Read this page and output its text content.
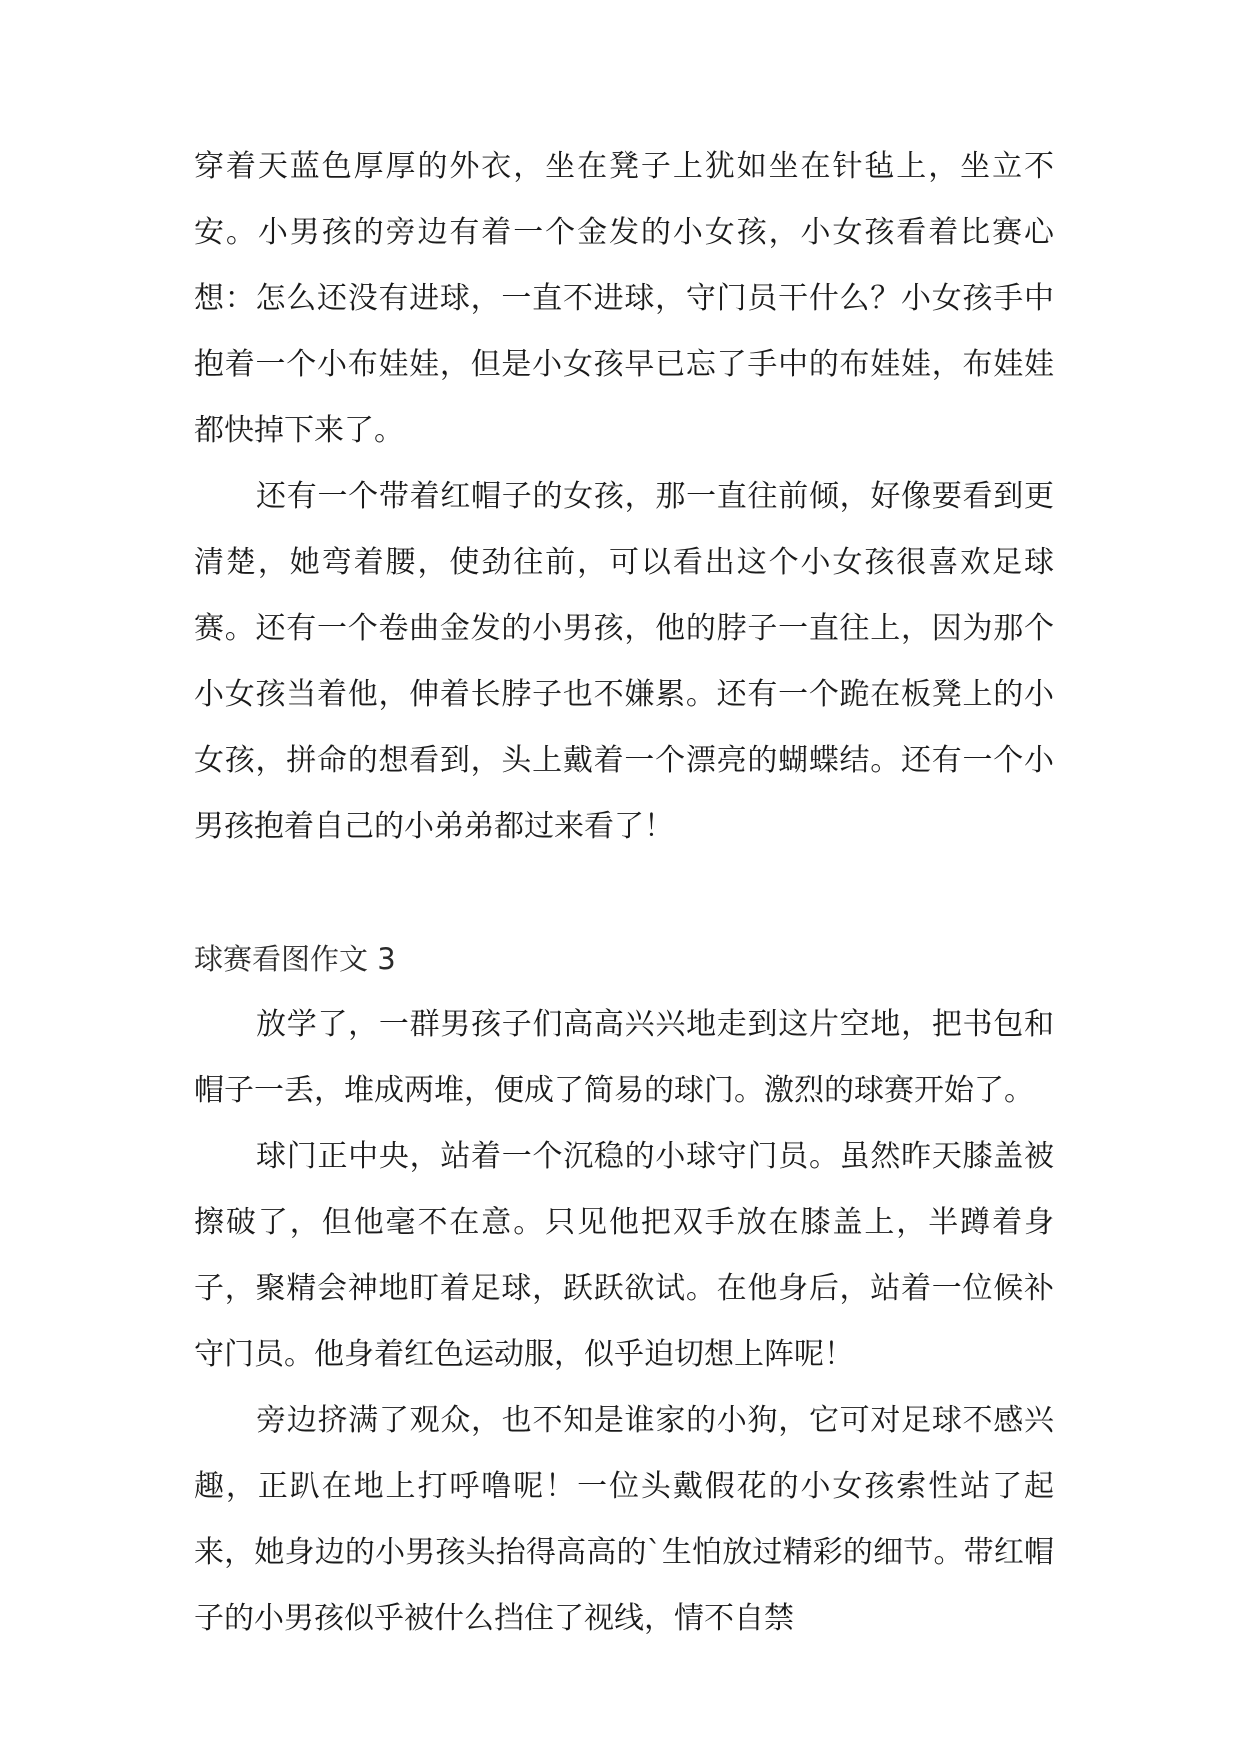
穿着天蓝色厚厚的外衣，坐在凳子上犹如坐在针毡上，坐立不安。小男孩的旁边有着一个金发的小女孩，小女孩看着比赛心想：怎么还没有进球，一直不进球，守门员干什么？小女孩手中抱着一个小布娃娃，但是小女孩早已忘了手中的布娃娃，布娃娃都快掉下来了。

还有一个带着红帽子的女孩，那一直往前倾，好像要看到更清楚，她弯着腰，使劲往前，可以看出这个小女孩很喜欢足球赛。还有一个卷曲金发的小男孩，他的脖子一直往上，因为那个小女孩当着他，伸着长脖子也不嫌累。还有一个跪在板凳上的小女孩，拼命的想看到，头上戴着一个漂亮的蝴蝶结。还有一个小男孩抱着自己的小弟弟都过来看了！

球赛看图作文 3

放学了，一群男孩子们高高兴兴地走到这片空地，把书包和帽子一丢，堆成两堆，便成了简易的球门。激烈的球赛开始了。

球门正中央，站着一个沉稳的小球守门员。虽然昨天膝盖被擦破了，但他毫不在意。只见他把双手放在膝盖上，半蹲着身子，聚精会神地盯着足球，跃跃欲试。在他身后，站着一位候补守门员。他身着红色运动服，似乎迫切想上阵呢！

旁边挤满了观众，也不知是谁家的小狗，它可对足球不感兴趣，正趴在地上打呼噜呢！一位头戴假花的小女孩索性站了起来，她身边的小男孩头抬得高高的`生怕放过精彩的细节。带红帽子的小男孩似乎被什么挡住了视线，情不自禁
